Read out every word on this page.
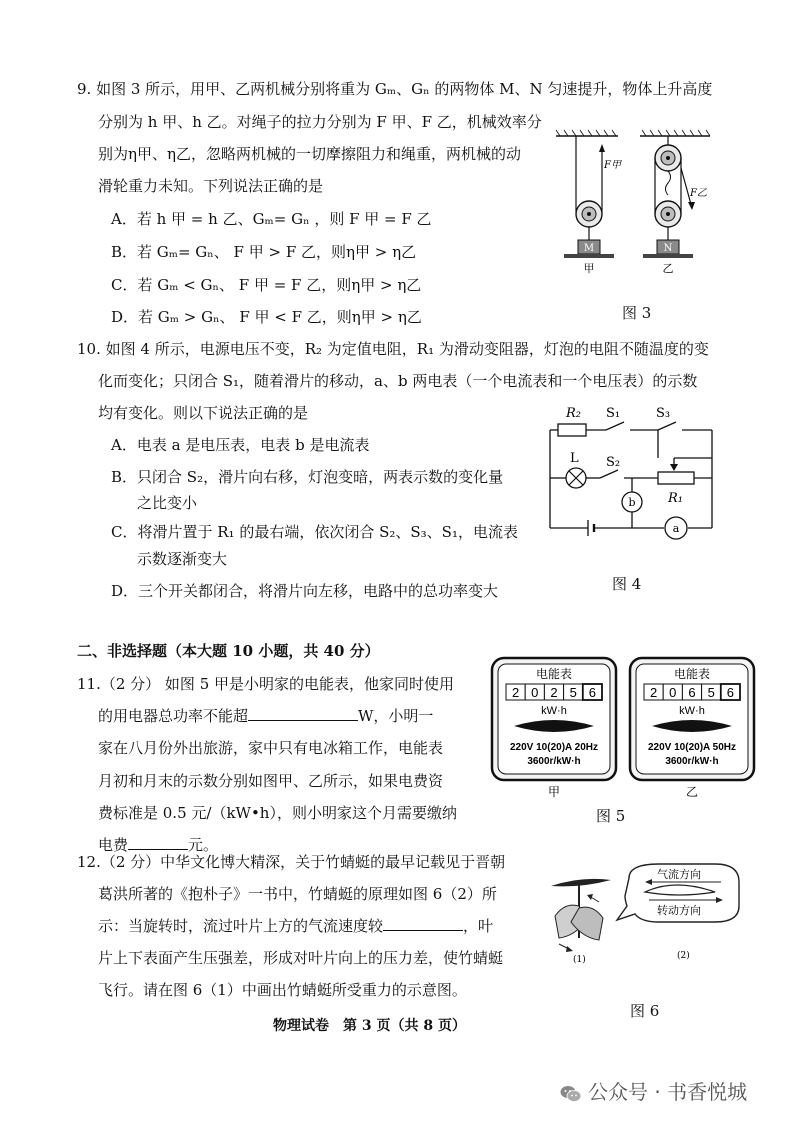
9. 如图 3 所示，用甲、乙两机械分别将重为 Gₘ、Gₙ 的两物体 M、N 匀速提升，物体上升高度
分别为 h 甲、h 乙。对绳子的拉力分别为 F 甲、F 乙，机械效率分
别为η甲、η乙，忽略两机械的一切摩擦阻力和绳重，两机械的动
滑轮重力未知。下列说法正确的是
A．若 h 甲 = h 乙、Gₘ= Gₙ ，则 F 甲 = F 乙
B．若 Gₘ= Gₙ、 F 甲 > F 乙，则η甲 > η乙
C．若 Gₘ < Gₙ、 F 甲 = F 乙，则η甲 > η乙
D．若 Gₘ > Gₙ、 F 甲 < F 乙，则η甲 > η乙
F甲
M
F乙
N
甲	乙
图 3
10. 如图 4 所示，电源电压不变，R₂ 为定值电阻，R₁ 为滑动变阻器，灯泡的电阻不随温度的变
化而变化；只闭合 S₁，随着滑片的移动，a、b 两电表（一个电流表和一个电压表）的示数
均有变化。则以下说法正确的是
A．电表 a 是电压表，电表 b 是电流表
B．只闭合 S₂，滑片向右移，灯泡变暗，两表示数的变化量
之比变小
C．将滑片置于 R₁ 的最右端，依次闭合 S₂、S₃、S₁，电流表
示数逐渐变大
D．三个开关都闭合，将滑片向左移，电路中的总功率变大
b
a
R₂ S₁	S₃
L S₂
R₁
图 4
二、非选择题（本大题 10 小题，共 40 分）
11.（2 分） 如图 5 甲是小明家的电能表，他家同时使用
的用电器总功率不能超	W，小明一
家在八月份外出旅游，家中只有电冰箱工作，电能表
月初和月末的示数分别如图甲、乙所示，如果电费资
费标准是 0.5 元/（kW•h），则小明家这个月需要缴纳
电费	元。
电能表
2 0 2 5 6
kW·h
220V 10(20)A 20Hz
3600r/kW·h
甲
电能表
2 0 6 5 6
kW·h
220V 10(20)A 50Hz
3600r/kW·h
乙
图 5
12.（2 分）中华文化博大精深，关于竹蜻蜓的最早记载见于晋朝
葛洪所著的《抱朴子》一书中，竹蜻蜓的原理如图 6（2）所
示：当旋转时，流过叶片上方的气流速度较	，叶
片上下表面产生压强差，形成对叶片向上的压力差，使竹蜻蜓
飞行。请在图 6（1）中画出竹蜻蜓所受重力的示意图。
(1)
气流方向
转动方向
(2)
图 6
物理试卷　第 3 页（共 8 页）
公众号 · 书香悦城
